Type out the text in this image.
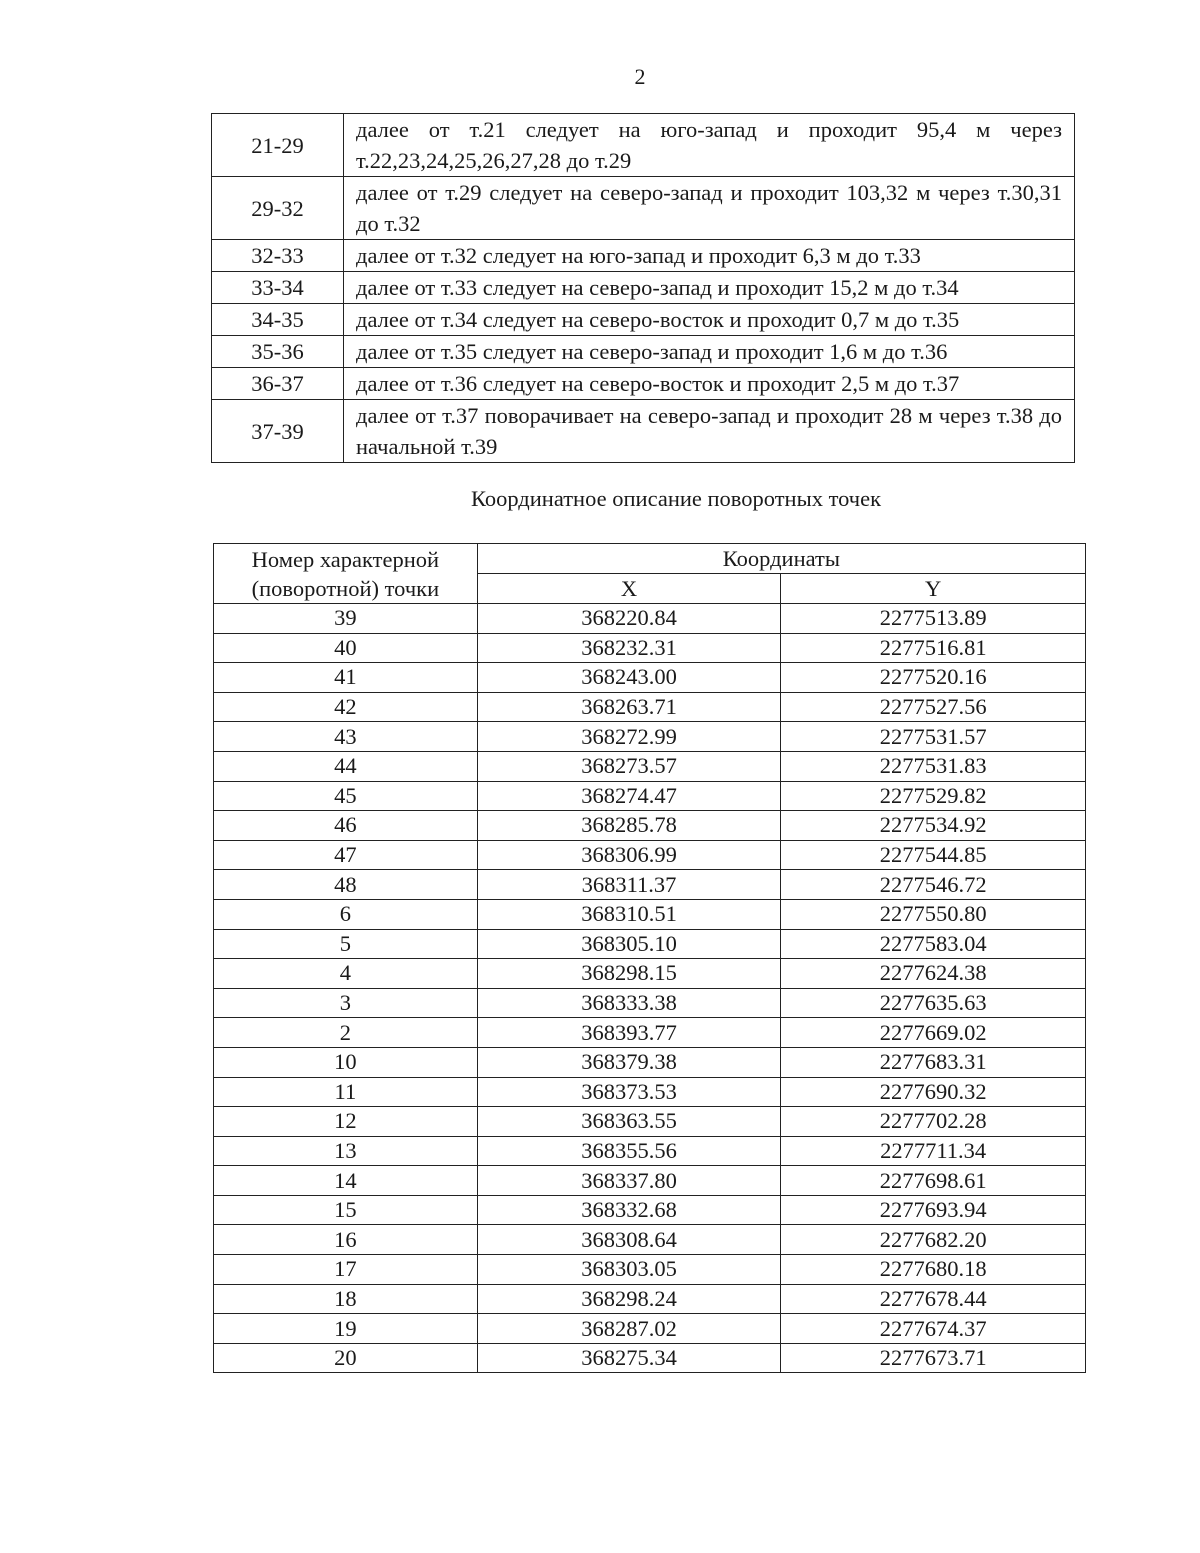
2
21-29	далее от т.21 следует на юго-запад и проходит 95,4 м через т.22,23,24,25,26,27,28 до т.29
29-32	далее от т.29 следует на северо-запад и проходит 103,32 м через т.30,31 до т.32
32-33	далее от т.32 следует на юго-запад и проходит 6,3 м до т.33
33-34	далее от т.33 следует на северо-запад и проходит 15,2 м до т.34
34-35	далее от т.34 следует на северо-восток и проходит 0,7 м до т.35
35-36	далее от т.35 следует на северо-запад и проходит 1,6 м до т.36
36-37	далее от т.36 следует на северо-восток и проходит 2,5 м до т.37
37-39	далее от т.37 поворачивает на северо-запад и проходит 28 м через т.38 до начальной т.39
Координатное описание поворотных точек
Номер характерной (поворотной) точки	Координаты	
	X	Y
39	368220.84	2277513.89
40	368232.31	2277516.81
41	368243.00	2277520.16
42	368263.71	2277527.56
43	368272.99	2277531.57
44	368273.57	2277531.83
45	368274.47	2277529.82
46	368285.78	2277534.92
47	368306.99	2277544.85
48	368311.37	2277546.72
6	368310.51	2277550.80
5	368305.10	2277583.04
4	368298.15	2277624.38
3	368333.38	2277635.63
2	368393.77	2277669.02
10	368379.38	2277683.31
11	368373.53	2277690.32
12	368363.55	2277702.28
13	368355.56	2277711.34
14	368337.80	2277698.61
15	368332.68	2277693.94
16	368308.64	2277682.20
17	368303.05	2277680.18
18	368298.24	2277678.44
19	368287.02	2277674.37
20	368275.34	2277673.71
